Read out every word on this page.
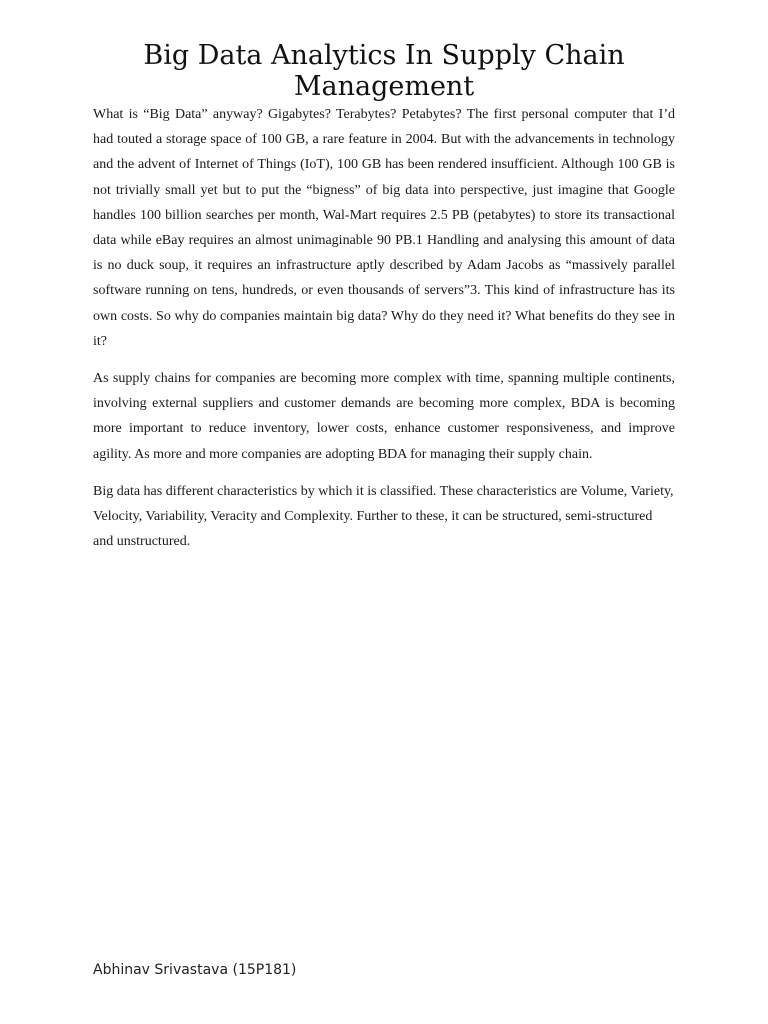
Big Data Analytics In Supply Chain Management

What is “Big Data” anyway? Gigabytes? Terabytes? Petabytes? The first personal computer that I’d had touted a storage space of 100 GB, a rare feature in 2004. But with the advancements in technology and the advent of Internet of Things (IoT), 100 GB has been rendered insufficient. Although 100 GB is not trivially small yet but to put the “bigness” of big data into perspective, just imagine that Google handles 100 billion searches per month, Wal-Mart requires 2.5 PB (petabytes) to store its transactional data while eBay requires an almost unimaginable 90 PB.1 Handling and analysing this amount of data is no duck soup, it requires an infrastructure aptly described by Adam Jacobs as “massively parallel software running on tens, hundreds, or even thousands of servers”3. This kind of infrastructure has its own costs. So why do companies maintain big data? Why do they need it? What benefits do they see in it?

As supply chains for companies are becoming more complex with time, spanning multiple continents, involving external suppliers and customer demands are becoming more complex, BDA is becoming more important to reduce inventory, lower costs, enhance customer responsiveness, and improve agility. As more and more companies are adopting BDA for managing their supply chain.

Big data has different characteristics by which it is classified. These characteristics are Volume, Variety, Velocity, Variability, Veracity and Complexity. Further to these, it can be structured, semi-structured and unstructured.

Abhinav Srivastava (15P181)
